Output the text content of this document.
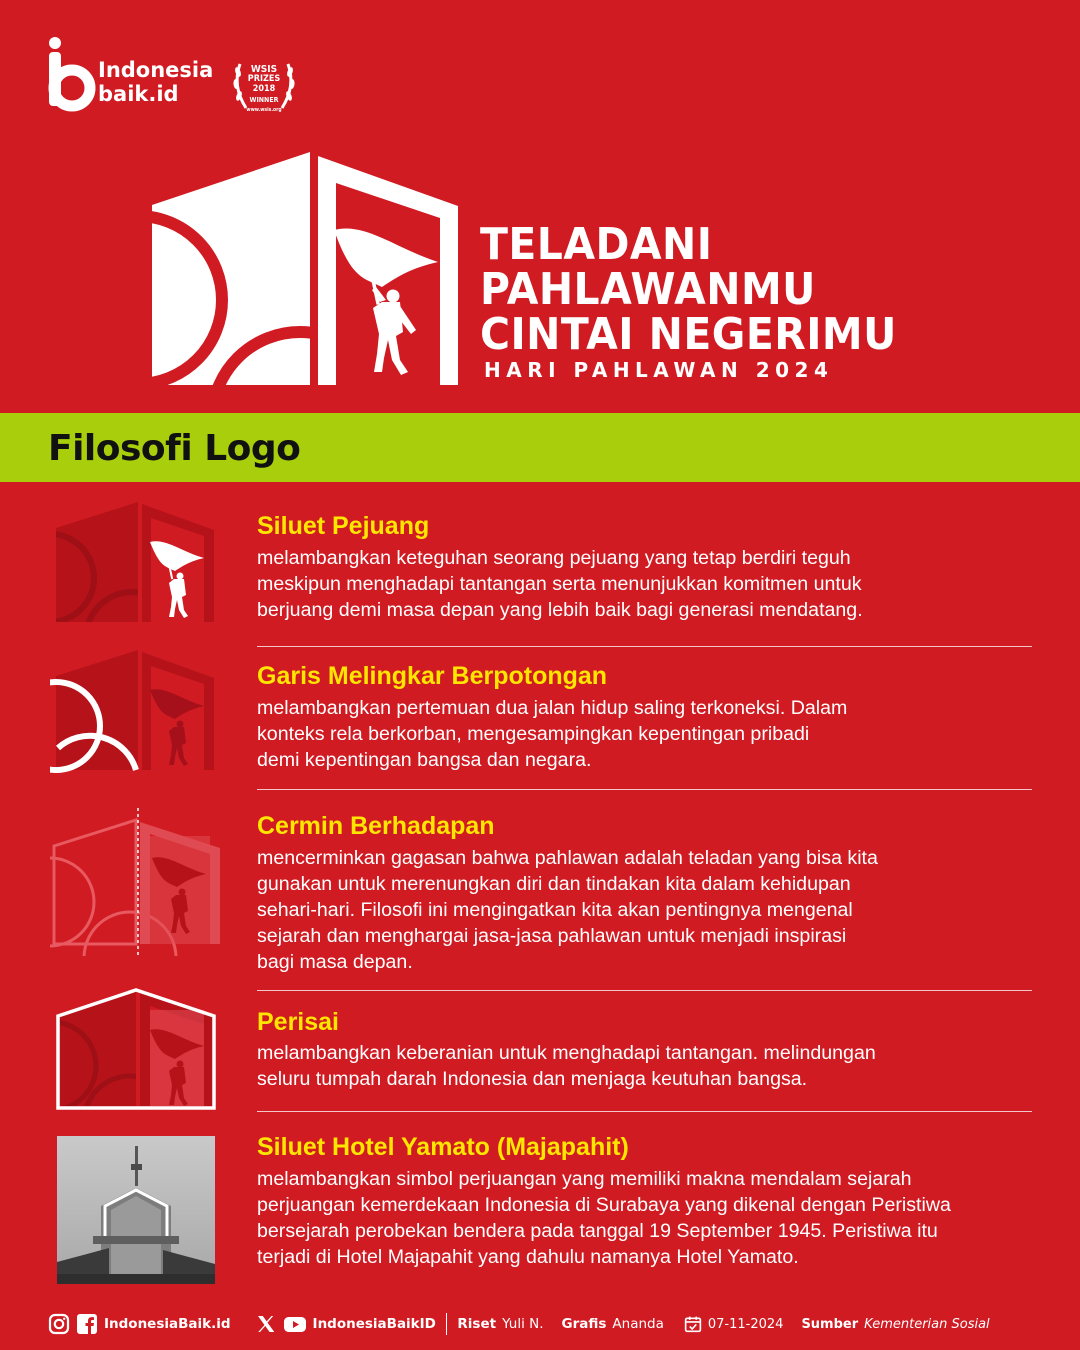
Indonesia
baik.id
WSIS
PRIZES
2018
WINNER
www.wsis.org
TELADANI
PAHLAWANMU
CINTAI NEGERIMU
HARI PAHLAWAN 2024
Filosofi Logo
Siluet Pejuang
melambangkan keteguhan seorang pejuang yang tetap berdiri teguh
meskipun menghadapi tantangan serta menunjukkan komitmen untuk
berjuang demi masa depan yang lebih baik bagi generasi mendatang.
Garis Melingkar Berpotongan
melambangkan pertemuan dua jalan hidup saling terkoneksi. Dalam
konteks rela berkorban, mengesampingkan kepentingan pribadi
demi kepentingan bangsa dan negara.
Cermin Berhadapan
mencerminkan gagasan bahwa pahlawan adalah teladan yang bisa kita
gunakan untuk merenungkan diri dan tindakan kita dalam kehidupan
sehari-hari. Filosofi ini mengingatkan kita akan pentingnya mengenal
sejarah dan menghargai jasa-jasa pahlawan untuk menjadi inspirasi
bagi masa depan.
Perisai
melambangkan keberanian untuk menghadapi tantangan. melindungan
seluru tumpah darah Indonesia dan menjaga keutuhan bangsa.
Siluet Hotel Yamato (Majapahit)
melambangkan simbol perjuangan yang memiliki makna mendalam sejarah
perjuangan kemerdekaan Indonesia di Surabaya yang dikenal dengan Peristiwa
bersejarah perobekan bendera pada tanggal 19 September 1945. Peristiwa itu
terjadi di Hotel Majapahit yang dahulu namanya Hotel Yamato.
IndonesiaBaik.id	IndonesiaBaikID Riset Yuli N. Grafis Ananda	07-11-2024 Sumber Kementerian Sosial
